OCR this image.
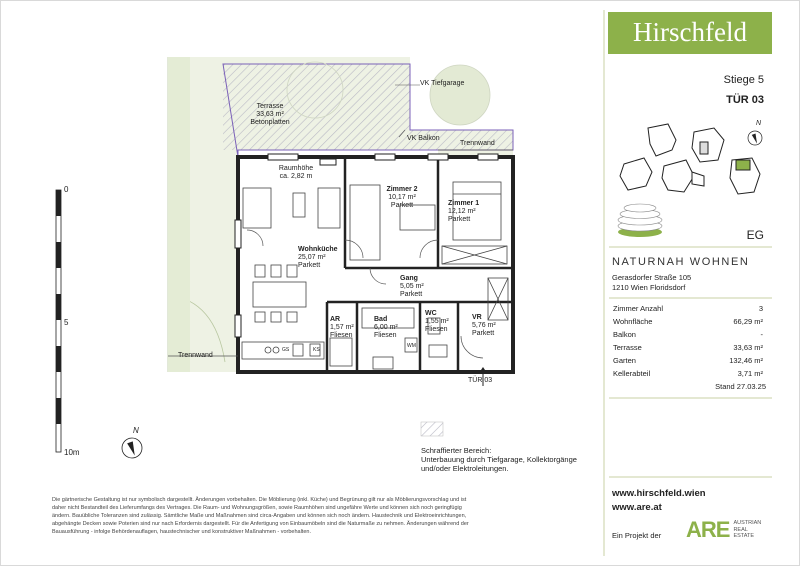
Hirschfeld
Stiege 5
TÜR 03
EG
NATURNAH WOHNEN
Gerasdorfer Straße 105
1210 Wien Floridsdorf
Zimmer Anzahl	3
Wohnfläche	66,29 m²
Balkon	-
Terrasse	33,63 m²
Garten	132,46 m²
Kellerabteil	3,71 m²
Stand 27.03.25
www.hirschfeld.wien
www.are.at
Ein Projekt der ARE AUSTRIAN
REAL
ESTATE
Terrasse
33,63 m²
Betonplatten
VK Tiefgarage
VK Balkon
Trennwand
Trennwand
Raumhöhe
ca. 2,82 m
Zimmer 2
10,17 m²
Parkett	Zimmer 1
12,12 m²
Parkett
Wohnküche
25,07 m²
Parkett
Gang
5,05 m²
Parkett
AR
1,57 m²
Fliesen
Bad
6,00 m²
Fliesen
WC
1,55 m²
Fliesen
VR
5,76 m²
Parkett
TÜR 03
GS	KS
WM
0
5
10m
N
N
Schraffierter Bereich:
Unterbauung durch Tiefgarage, Kollektorgänge
und/oder Elektroleitungen.
Die gärtnerische Gestaltung ist nur symbolisch dargestellt. Änderungen vorbehalten. Die Möblierung (inkl. Küche) und Begrünung gilt nur als Möblierungsvorschlag und ist
daher nicht Bestandteil des Lieferumfangs des Vertrages. Die Raum- und Wohnungsgrößen, sowie Raumhöhen sind ungefähre Werte und können sich noch geringfügig
ändern. Bauübliche Toleranzen sind zulässig. Sämtliche Maße und Maßnahmen sind circa-Angaben und können sich noch ändern. Haustechnik und Elektroeinrichtungen,
abgehängte Decken sowie Poterien sind nur nach Erfordernis dargestellt. Für die Anfertigung von Einbaumöbeln sind die Naturmaße zu nehmen. Änderungen während der
Bauausführung - infolge Behördenauflagen, haustechnischer und konstruktiver Maßnahmen - vorbehalten.
